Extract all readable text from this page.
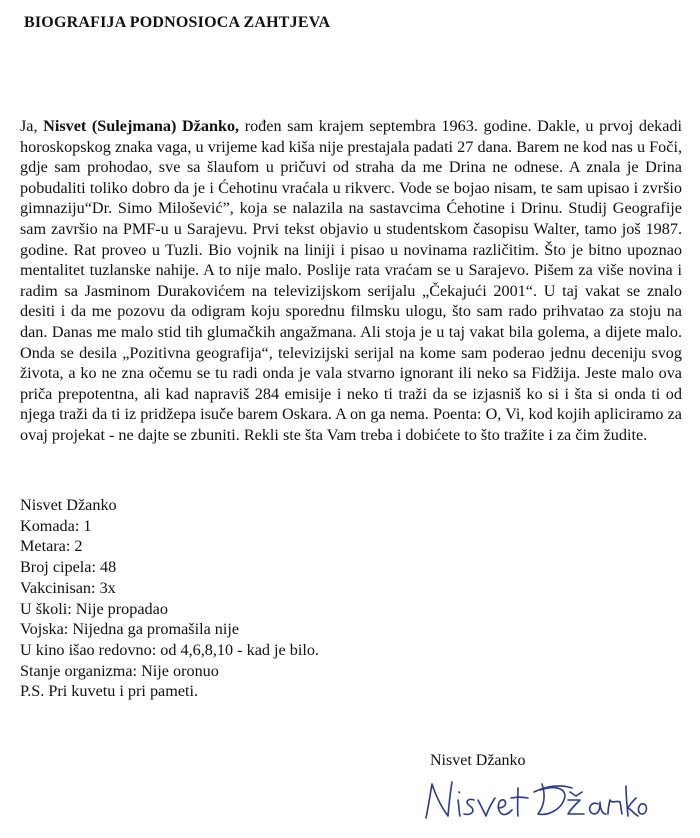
BIOGRAFIJA PODNOSIOCA ZAHTJEVA
Ja, Nisvet (Sulejmana) Džanko, rođen sam krajem septembra 1963. godine. Dakle, u prvoj dekadi horoskopskog znaka vaga, u vrijeme kad kiša nije prestajala padati 27 dana. Barem ne kod nas u Foči, gdje sam prohodao, sve sa šlaufom u pričuvi od straha da me Drina ne odnese. A znala je Drina pobudaliti toliko dobro da je i Ćehotinu vraćala u rikverc. Vode se bojao nisam, te sam upisao i zvršio gimnaziju“Dr. Simo Milošević”, koja se nalazila na sastavcima Ćehotine i Drinu. Studij Geografije sam završio na PMF-u u Sarajevu. Prvi tekst objavio u studentskom časopisu Walter, tamo još 1987. godine. Rat proveo u Tuzli. Bio vojnik na liniji i pisao u novinama različitim. Što je bitno upoznao mentalitet tuzlanske nahije. A to nije malo. Poslije rata vraćam se u Sarajevo. Pišem za više novina i radim sa Jasminom Durakovićem na televizijskom serijalu „Čekajući 2001“. U taj vakat se znalo desiti i da me pozovu da odigram koju sporednu filmsku ulogu, što sam rado prihvatao za stoju na dan. Danas me malo stid tih glumačkih angažmana. Ali stoja je u taj vakat bila golema, a dijete malo. Onda se desila „Pozitivna geografija“, televizijski serijal na kome sam poderao jednu deceniju svog života, a ko ne zna očemu se tu radi onda je vala stvarno ignorant ili neko sa Fidžija. Jeste malo ova priča prepotentna, ali kad napraviš 284 emisije i neko ti traži da se izjasniš ko si i šta si onda ti od njega traži da ti iz pridžepa isuče barem Oskara. A on ga nema. Poenta: O, Vi, kod kojih apliciramo za ovaj projekat - ne dajte se zbuniti. Rekli ste šta Vam treba i dobićete to što tražite i za čim žudite.
Nisvet Džanko
Komada: 1
Metara: 2
Broj cipela: 48
Vakcinisan: 3x
U školi: Nije propadao
Vojska: Nijedna ga promašila nije
U kino išao redovno: od 4,6,8,10 - kad je bilo.
Stanje organizma: Nije oronuo
P.S. Pri kuvetu i pri pameti.
Nisvet Džanko
